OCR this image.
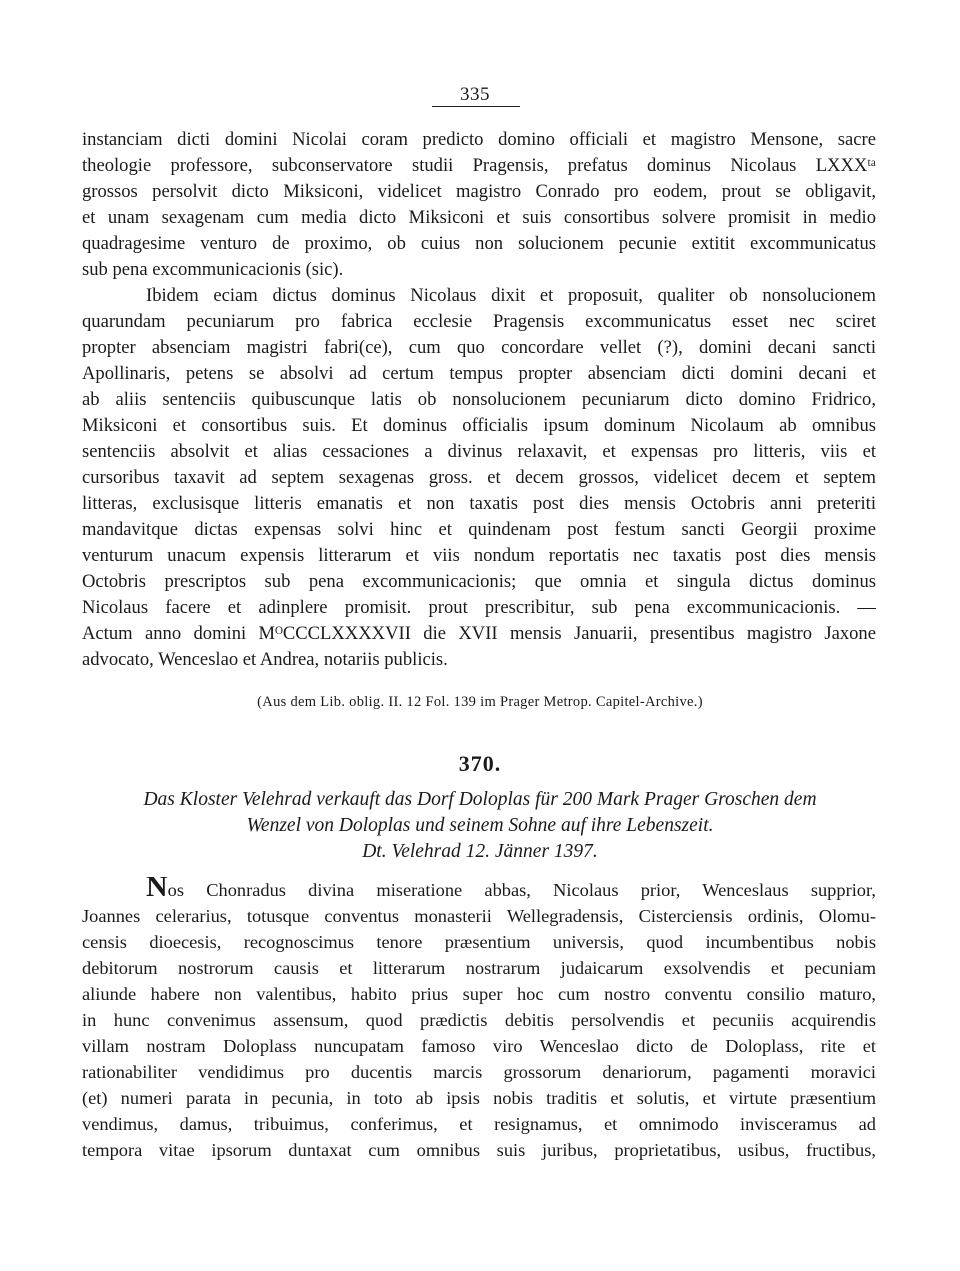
335
instanciam dicti domini Nicolai coram predicto domino officiali et magistro Mensone, sacre
theologie professore, subconservatore studii Pragensis, prefatus dominus Nicolaus LXXXᵗᵃ
grossos persolvit dicto Miksiconi, videlicet magistro Conrado pro eodem, prout se obligavit,
et unam sexagenam cum media dicto Miksiconi et suis consortibus solvere promisit in medio
quadragesime venturo de proximo, ob cuius non solucionem pecunie extitit excommunicatus
sub pena excommunicacionis (sic).
Ibidem eciam dictus dominus Nicolaus dixit et proposuit, qualiter ob nonsolucionem
quarundam pecuniarum pro fabrica ecclesie Pragensis excommunicatus esset nec sciret
propter absenciam magistri fabri(ce), cum quo concordare vellet (?), domini decani sancti
Apollinaris, petens se absolvi ad certum tempus propter absenciam dicti domini decani et
ab aliis sentenciis quibuscunque latis ob nonsolucionem pecuniarum dicto domino Fridrico,
Miksiconi et consortibus suis. Et dominus officialis ipsum dominum Nicolaum ab omnibus
sentenciis absolvit et alias cessaciones a divinus relaxavit, et expensas pro litteris, viis et
cursoribus taxavit ad septem sexagenas gross. et decem grossos, videlicet decem et septem
litteras, exclusisque litteris emanatis et non taxatis post dies mensis Octobris anni preteriti
mandavitque dictas expensas solvi hinc et quindenam post festum sancti Georgii proxime
venturum unacum expensis litterarum et viis nondum reportatis nec taxatis post dies mensis
Octobris prescriptos sub pena excommunicacionis; que omnia et singula dictus dominus
Nicolaus facere et adinplere promisit. prout prescribitur, sub pena excommunicacionis. —
Actum anno domini MᴼCCCLXXXXVII die XVII mensis Januarii, presentibus magistro Jaxone
advocato, Wenceslao et Andrea, notariis publicis.
(Aus dem Lib. oblig. II. 12 Fol. 139 im Prager Metrop. Capitel-Archive.)
370.
Das Kloster Velehrad verkauft das Dorf Doloplas für 200 Mark Prager Groschen dem
Wenzel von Doloplas und seinem Sohne auf ihre Lebenszeit.
Dt. Velehrad 12. Jänner 1397.
Nos Chonradus divina miseratione abbas, Nicolaus prior, Wenceslaus supprior,
Joannes celerarius, totusque conventus monasterii Wellegradensis, Cisterciensis ordinis, Olomu-
censis dioecesis, recognoscimus tenore præsentium universis, quod incumbentibus nobis
debitorum nostrorum causis et litterarum nostrarum judaicarum exsolvendis et pecuniam
aliunde habere non valentibus, habito prius super hoc cum nostro conventu consilio maturo,
in hunc convenimus assensum, quod prædictis debitis persolvendis et pecuniis acquirendis
villam nostram Doloplass nuncupatam famoso viro Wenceslao dicto de Doloplass, rite et
rationabiliter vendidimus pro ducentis marcis grossorum denariorum, pagamenti moravici
(et) numeri parata in pecunia, in toto ab ipsis nobis traditis et solutis, et virtute præsentium
vendimus, damus, tribuimus, conferimus, et resignamus, et omnimodo invisceramus ad
tempora vitae ipsorum duntaxat cum omnibus suis juribus, proprietatibus, usibus, fructibus,
